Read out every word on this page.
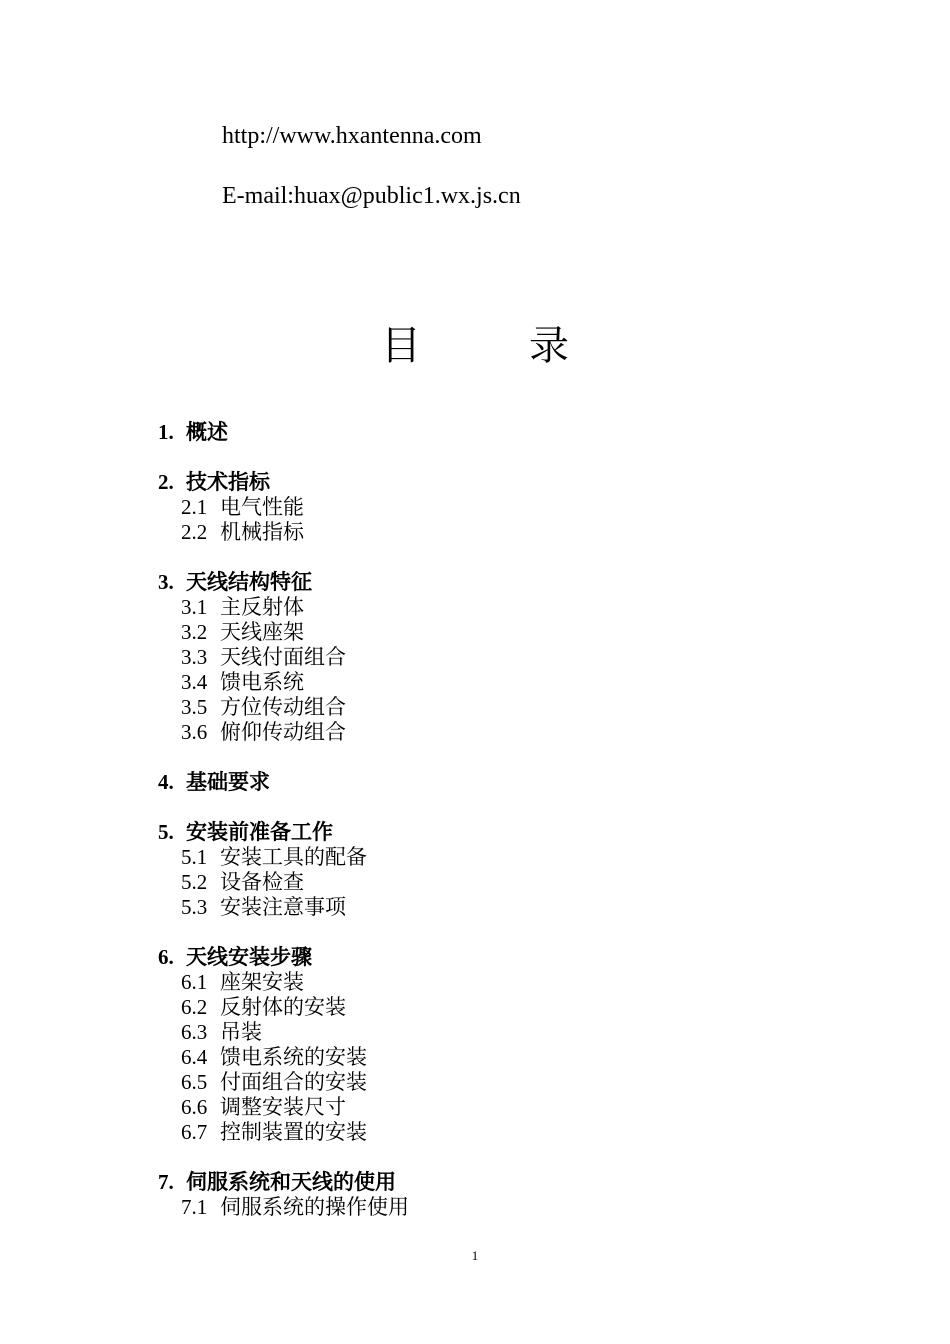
http://www.hxantenna.com
E-mail:huax@public1.wx.js.cn
目　录
1. 概述
2. 技术指标
2.1 电气性能
2.2 机械指标
3. 天线结构特征
3.1 主反射体
3.2 天线座架
3.3 天线付面组合
3.4 馈电系统
3.5 方位传动组合
3.6 俯仰传动组合
4. 基础要求
5. 安装前准备工作
5.1 安装工具的配备
5.2 设备检查
5.3 安装注意事项
6. 天线安装步骤
6.1 座架安装
6.2 反射体的安装
6.3 吊装
6.4 馈电系统的安装
6.5 付面组合的安装
6.6 调整安装尺寸
6.7 控制装置的安装
7. 伺服系统和天线的使用
7.1 伺服系统的操作使用
1
